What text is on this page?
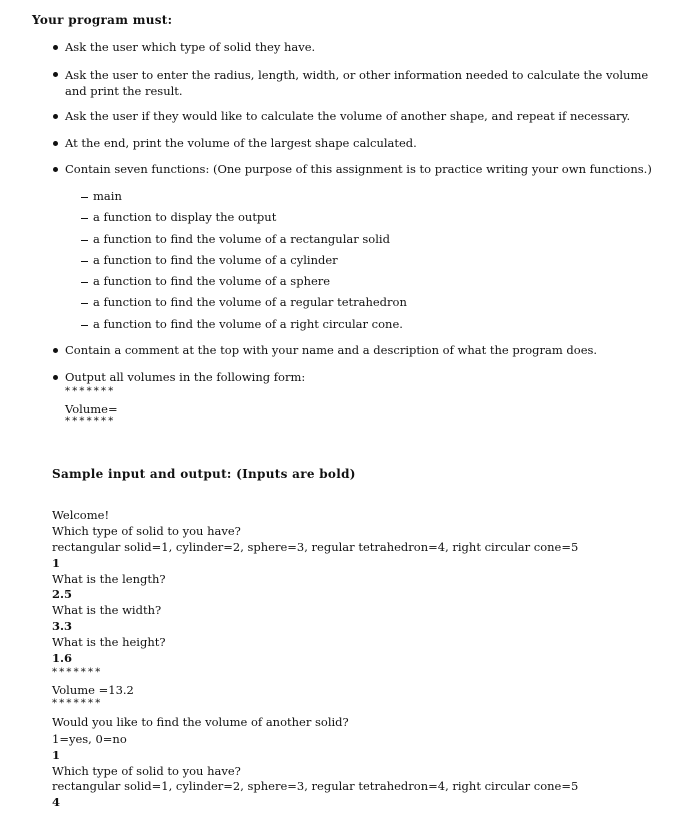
Your program must:
Ask the user which type of solid they have.
Ask the user to enter the radius, length, width, or other information needed to calculate the volume and print the result.
Ask the user if they would like to calculate the volume of another shape, and repeat if necessary.
At the end, print the volume of the largest shape calculated.
Contain seven functions: (One purpose of this assignment is to practice writing your own functions.)
main
a function to display the output
a function to find the volume of a rectangular solid
a function to find the volume of a cylinder
a function to find the volume of a sphere
a function to find the volume of a regular tetrahedron
a function to find the volume of a right circular cone.
Contain a comment at the top with your name and a description of what the program does.
Output all volumes in the following form:
*******
Volume=
*******
Sample input and output: (Inputs are bold)
Welcome!
Which type of solid to you have?
rectangular solid=1, cylinder=2, sphere=3, regular tetrahedron=4, right circular cone=5
1
What is the length?
2.5
What is the width?
3.3
What is the height?
1.6
*******
Volume =13.2
*******
Would you like to find the volume of another solid?
1=yes, 0=no
1
Which type of solid to you have?
rectangular solid=1, cylinder=2, sphere=3, regular tetrahedron=4, right circular cone=5
4
